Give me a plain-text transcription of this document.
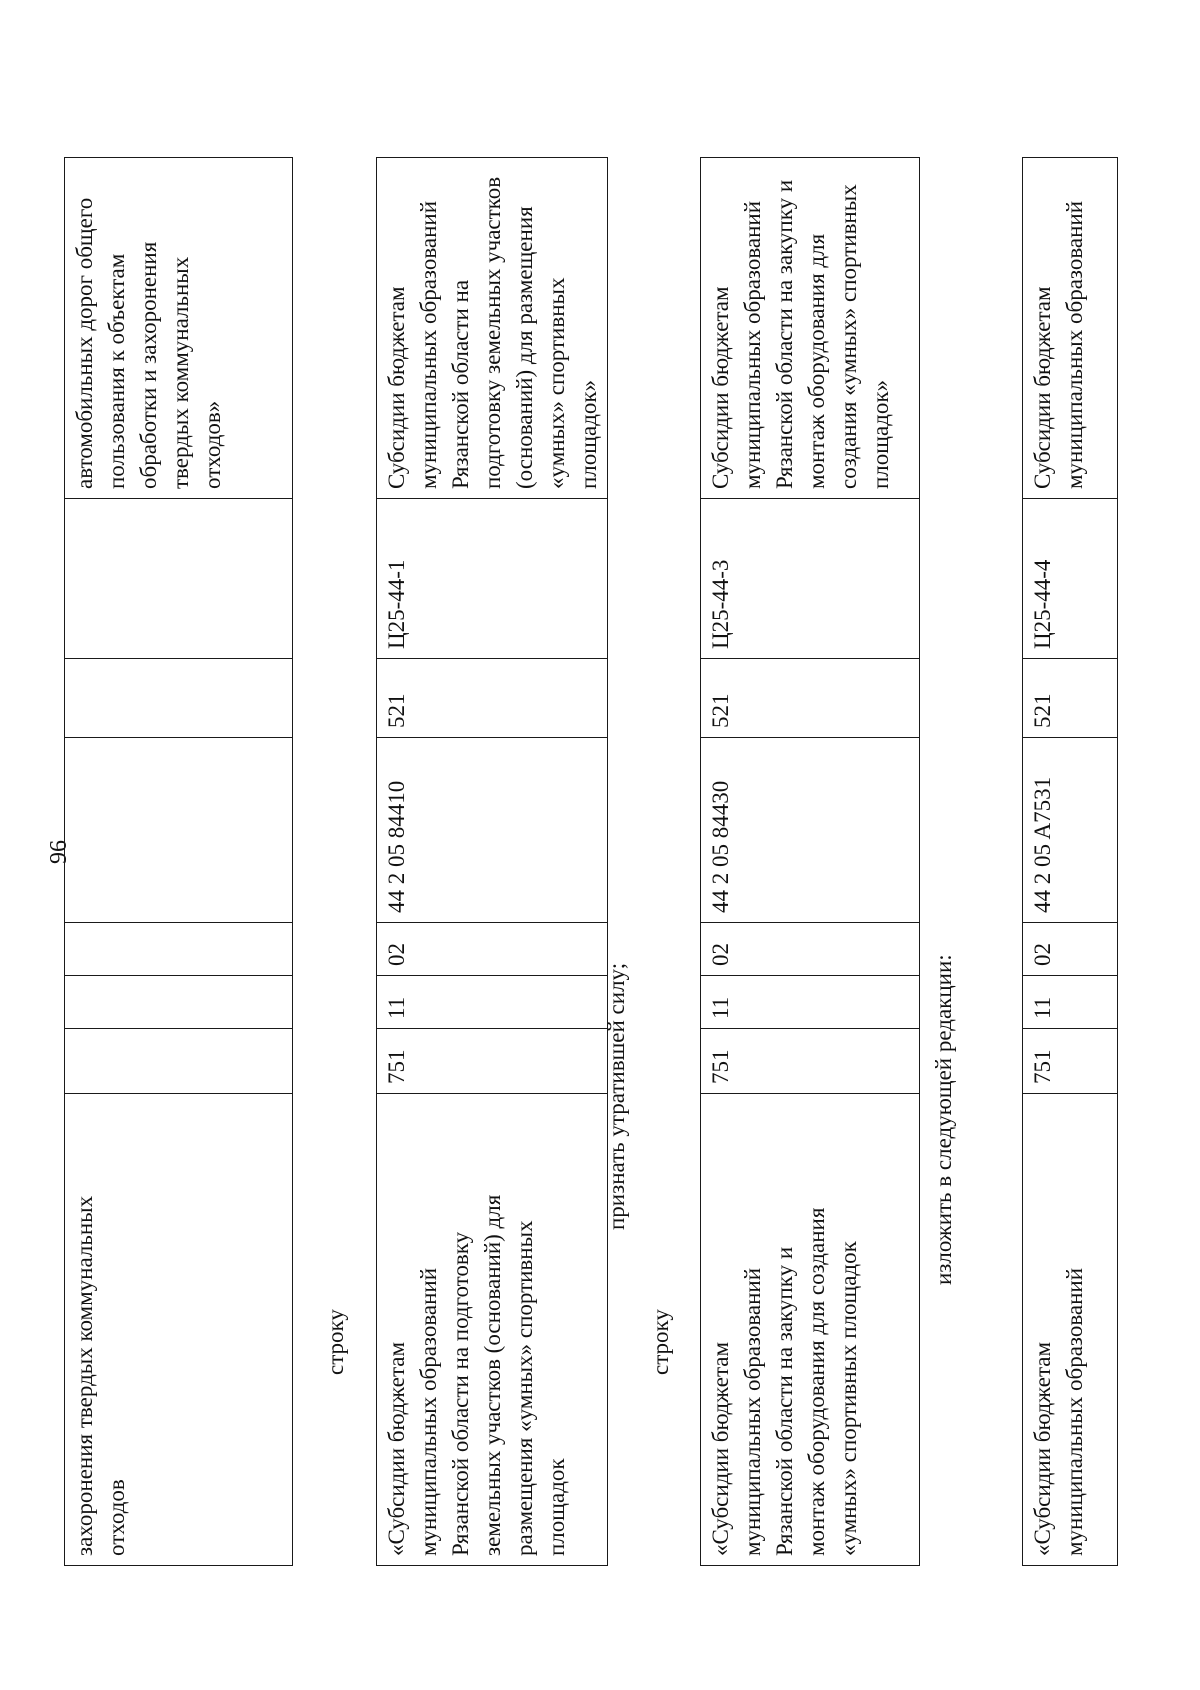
96
захоронения твердых коммунальных
отходов							автомобильных дорог общего
пользования к объектам
обработки и захоронения
твердых коммунальных
отходов»
строку
«Субсидии бюджетам
муниципальных образований
Рязанской области на подготовку
земельных участков (оснований) для
размещения «умных» спортивных
площадок	751	11	02	44 2 05 84410	521	Ц25-44-1	Субсидии бюджетам
муниципальных образований
Рязанской области на
подготовку земельных участков
(оснований) для размещения
«умных» спортивных
площадок»
признать утратившей силу;
строку
«Субсидии бюджетам
муниципальных образований
Рязанской области на закупку и
монтаж оборудования для создания
«умных» спортивных площадок	751	11	02	44 2 05 84430	521	Ц25-44-3	Субсидии бюджетам
муниципальных образований
Рязанской области на закупку и
монтаж оборудования для
создания «умных» спортивных
площадок»
изложить в следующей редакции:
«Субсидии бюджетам
муниципальных образований	751	11	02	44 2 05 A7531	521	Ц25-44-4	Субсидии бюджетам
муниципальных образований
